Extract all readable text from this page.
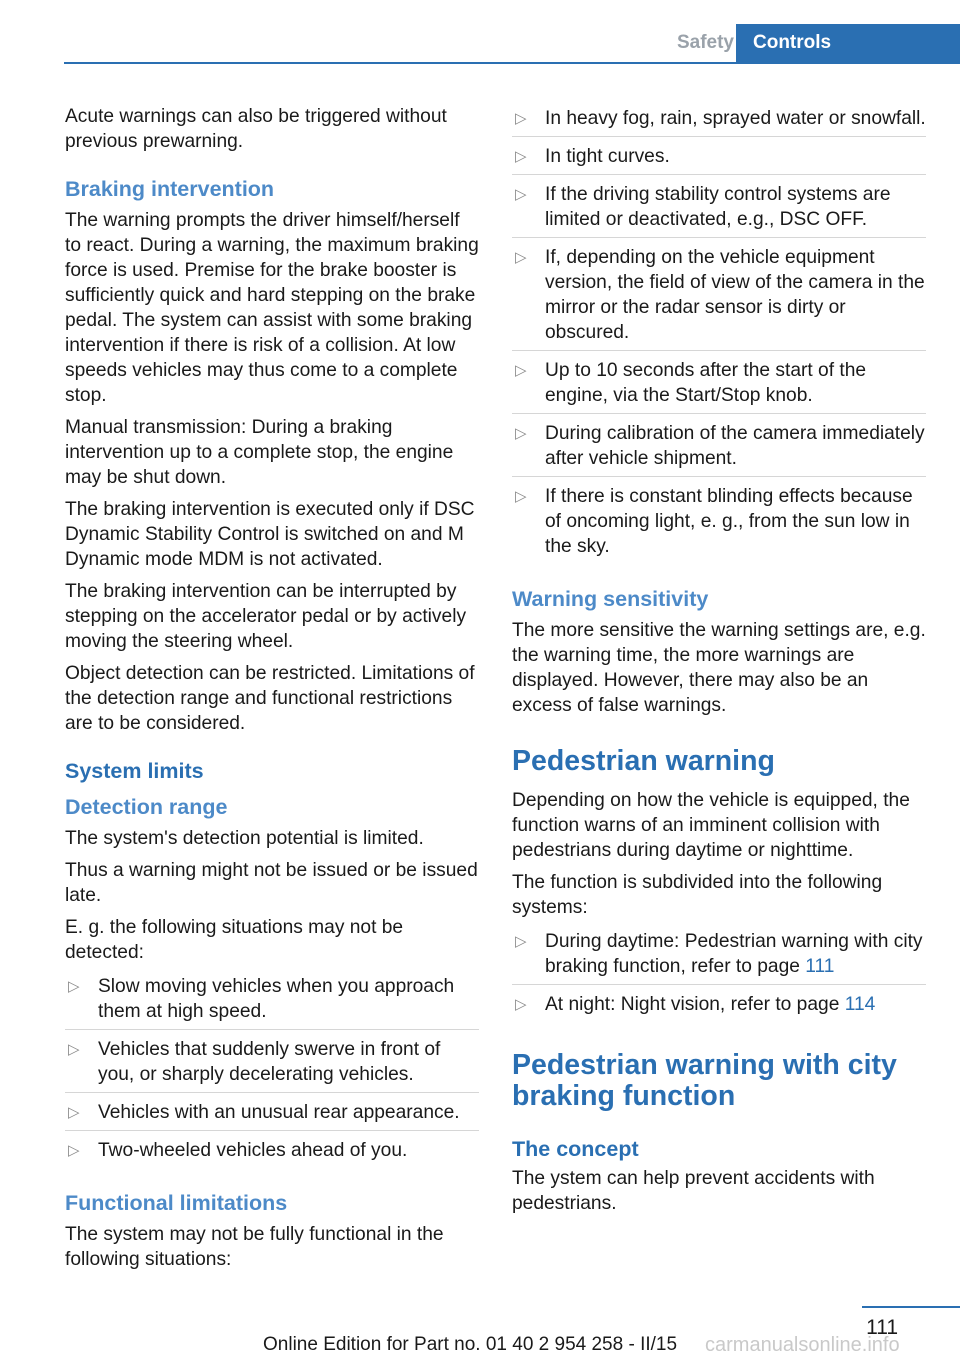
Safety	Controls

Acute warnings can also be triggered without previous prewarning.

Braking intervention

The warning prompts the driver himself/herself to react. During a warning, the maximum braking force is used. Premise for the brake booster is sufficiently quick and hard stepping on the brake pedal. The system can assist with some braking intervention if there is risk of a collision. At low speeds vehicles may thus come to a complete stop.

Manual transmission: During a braking intervention up to a complete stop, the engine may be shut down.

The braking intervention is executed only if DSC Dynamic Stability Control is switched on and M Dynamic mode MDM is not activated.

The braking intervention can be interrupted by stepping on the accelerator pedal or by actively moving the steering wheel.

Object detection can be restricted. Limitations of the detection range and functional restrictions are to be considered.

System limits
Detection range

The system's detection potential is limited.

Thus a warning might not be issued or be issued late.

E. g. the following situations may not be detected:

▷ Slow moving vehicles when you approach them at high speed.
▷ Vehicles that suddenly swerve in front of you, or sharply decelerating vehicles.
▷ Vehicles with an unusual rear appearance.
▷ Two-wheeled vehicles ahead of you.
Functional limitations

The system may not be fully functional in the following situations:

▷ In heavy fog, rain, sprayed water or snowfall.
▷ In tight curves.
▷ If the driving stability control systems are limited or deactivated, e.g., DSC OFF.
▷ If, depending on the vehicle equipment version, the field of view of the camera in the mirror or the radar sensor is dirty or obscured.
▷ Up to 10 seconds after the start of the engine, via the Start/Stop knob.
▷ During calibration of the camera immediately after vehicle shipment.
▷ If there is constant blinding effects because of oncoming light, e. g., from the sun low in the sky.
Warning sensitivity

The more sensitive the warning settings are, e.g. the warning time, the more warnings are displayed. However, there may also be an excess of false warnings.

Pedestrian warning

Depending on how the vehicle is equipped, the function warns of an imminent collision with pedestrians during daytime or nighttime.

The function is subdivided into the following systems:

▷ During daytime: Pedestrian warning with city braking function, refer to page 111
▷ At night: Night vision, refer to page 114
Pedestrian warning with city braking function
The concept

The ystem can help prevent accidents with pedestrians.

111
Online Edition for Part no. 01 40 2 954 258 - II/15 carmanualsonline.info
